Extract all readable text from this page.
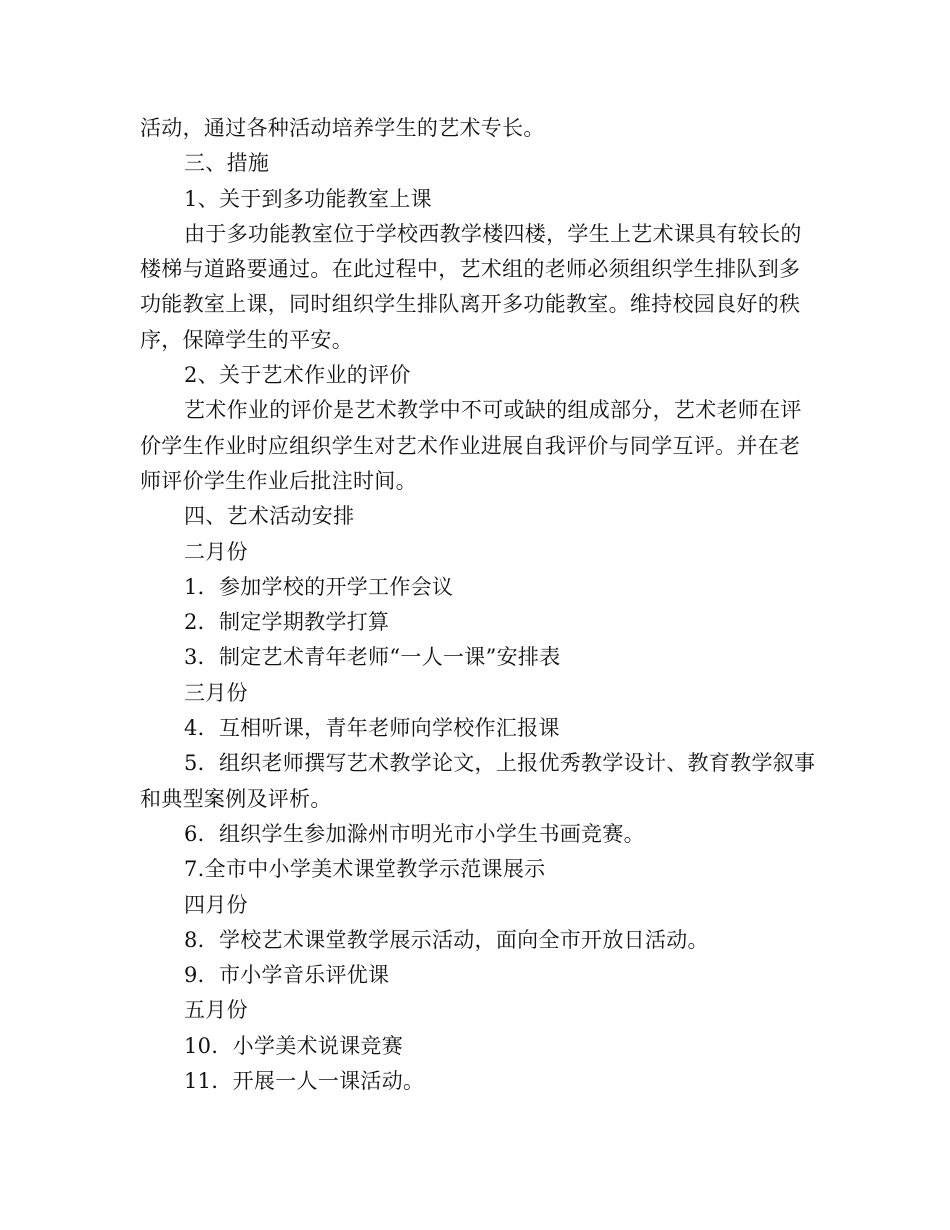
活动，通过各种活动培养学生的艺术专长。

三、措施

1、关于到多功能教室上课

由于多功能教室位于学校西教学楼四楼，学生上艺术课具有较长的楼梯与道路要通过。在此过程中，艺术组的老师必须组织学生排队到多功能教室上课，同时组织学生排队离开多功能教室。维持校园良好的秩序，保障学生的平安。

2、关于艺术作业的评价

艺术作业的评价是艺术教学中不可或缺的组成部分，艺术老师在评价学生作业时应组织学生对艺术作业进展自我评价与同学互评。并在老师评价学生作业后批注时间。

四、艺术活动安排

二月份

1．参加学校的开学工作会议

2．制定学期教学打算

3．制定艺术青年老师“一人一课”安排表

三月份

4．互相听课，青年老师向学校作汇报课

5．组织老师撰写艺术教学论文，上报优秀教学设计、教育教学叙事和典型案例及评析。

6．组织学生参加滁州市明光市小学生书画竞赛。

7.全市中小学美术课堂教学示范课展示

四月份

8．学校艺术课堂教学展示活动，面向全市开放日活动。

9．市小学音乐评优课

五月份

10．小学美术说课竞赛

11．开展一人一课活动。
